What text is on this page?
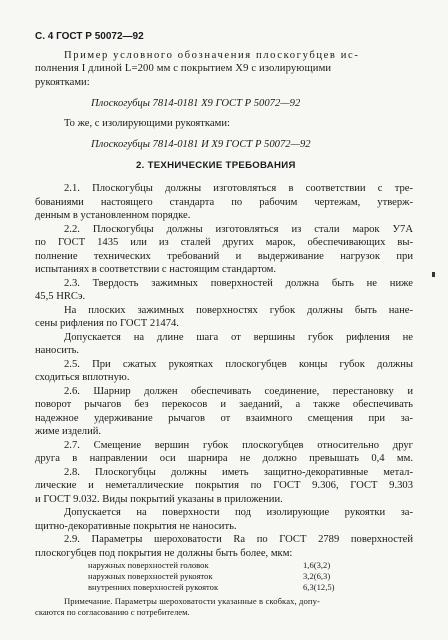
С. 4 ГОСТ Р 50072—92
Пример условного обозначения плоскогубцев ис-
полнения I длиной L=200 мм с покрытием Х9 с изолирующими
рукоятками:
Плоскогубцы 7814-0181 Х9 ГОСТ Р 50072—92
То же, с изолирующими рукоятками:
Плоскогубцы 7814-0181 И Х9 ГОСТ Р 50072—92
2. ТЕХНИЧЕСКИЕ ТРЕБОВАНИЯ
2.1. Плоскогубцы должны изготовляться в соответствии с тре-
бованиями настоящего стандарта по рабочим чертежам, утверж-
денным в установленном порядке.
2.2. Плоскогубцы должны изготовляться из стали марок У7А
по ГОСТ 1435 или из сталей других марок, обеспечивающих вы-
полнение технических требований и выдерживание нагрузок при
испытаниях в соответствии с настоящим стандартом.
2.3. Твердость зажимных поверхностей должна быть не ниже
45,5 HRCэ.
На плоских зажимных поверхностях губок должны быть нане-
сены рифления по ГОСТ 21474.
Допускается на длине шага от вершины губок рифления не
наносить.
2.5. При сжатых рукоятках плоскогубцев концы губок должны
сходиться вплотную.
2.6. Шарнир должен обеспечивать соединение, перестановку и
поворот рычагов без перекосов и заеданий, а также обеспечивать
надежное удерживание рычагов от взаимного смещения при за-
жиме изделий.
2.7. Смещение вершин губок плоскогубцев относительно друг
друга в направлении оси шарнира не должно превышать 0,4 мм.
2.8. Плоскогубцы должны иметь защитно-декоративные метал-
лические и неметаллические покрытия по ГОСТ 9.306, ГОСТ 9.303
и ГОСТ 9.032. Виды покрытий указаны в приложении.
Допускается на поверхности под изолирующие рукоятки за-
щитно-декоративные покрытия не наносить.
2.9. Параметры шероховатости Ra по ГОСТ 2789 поверхностей
плоскогубцев под покрытия не должны быть более, мкм:
наружных поверхностей головок	1,6(3,2)
наружных поверхностей рукояток	3,2(6,3)
внутренних поверхностей рукояток	6,3(12,5)
Примечание. Параметры шероховатости указанные в скобках, допу-
скаются по согласованию с потребителем.
